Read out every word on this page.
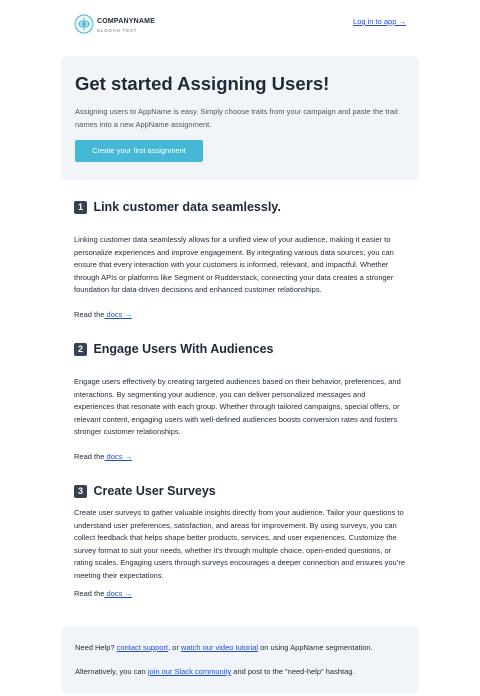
COMPANYNAME
SLOGAN TEXT
Log in to app →
Get started Assigning Users!
Assigning users to AppName is easy. Simply choose traits from your campaign and paste the trait names into a new AppName assignment.
Create your first assignment
1 Link customer data seamlessly.
Linking customer data seamlessly allows for a unified view of your audience, making it easier to personalize experiences and improve engagement. By integrating various data sources, you can ensure that every interaction with your customers is informed, relevant, and impactful. Whether through APIs or platforms like Segment or Rudderstack, connecting your data creates a stronger foundation for data-driven decisions and enhanced customer relationships.
Read the docs →
2 Engage Users With Audiences
Engage users effectively by creating targeted audiences based on their behavior, preferences, and interactions. By segmenting your audience, you can deliver personalized messages and experiences that resonate with each group. Whether through tailored campaigns, special offers, or relevant content, engaging users with well-defined audiences boosts conversion rates and fosters stronger customer relationships.
Read the docs →
3 Create User Surveys
Create user surveys to gather valuable insights directly from your audience. Tailor your questions to understand user preferences, satisfaction, and areas for improvement. By using surveys, you can collect feedback that helps shape better products, services, and user experiences. Customize the survey format to suit your needs, whether it’s through multiple choice, open-ended questions, or rating scales. Engaging users through surveys encourages a deeper connection and ensures you’re meeting their expectations.
Read the docs →
Need Help? contact support, or watch our video tutorial on using AppName segmentation.
Alternatively, you can join our Slack community and post to the "need-help" hashtag.
